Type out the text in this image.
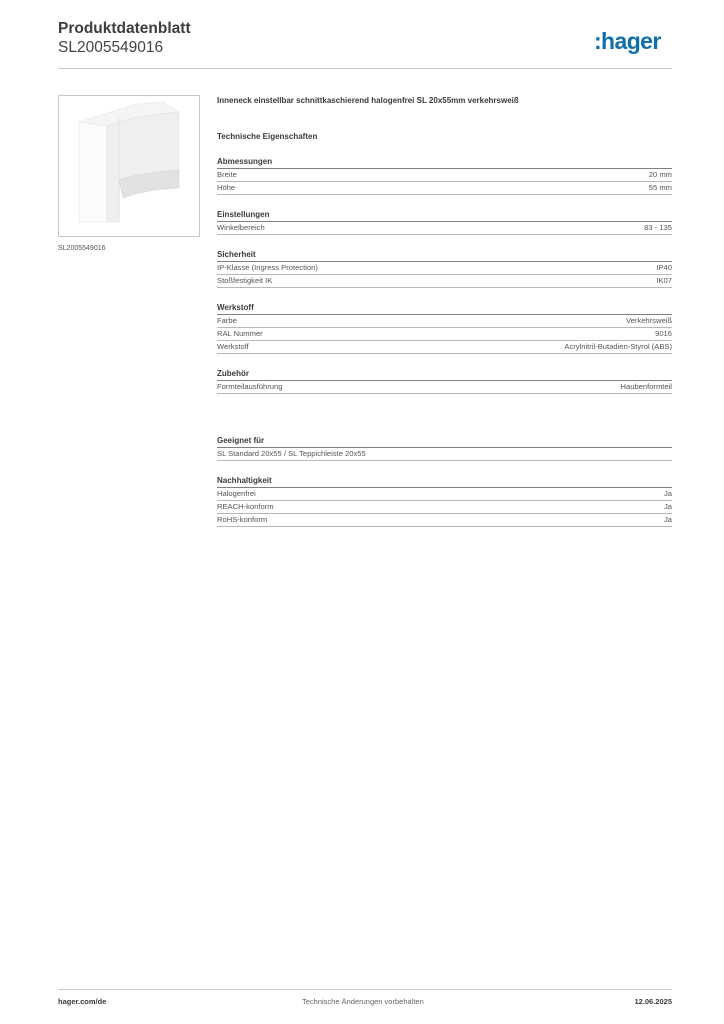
Produktdatenblatt
SL2005549016	:hager
SL2005549016
Inneneck einstellbar schnittkaschierend halogenfrei SL 20x55mm verkehrsweiß
Technische Eigenschaften
Abmessungen
Breite	20 mm
Höhe	55 mm
Einstellungen
Winkelbereich	83 - 135
Sicherheit
IP-Klasse (Ingress Protection)	IP40
Stoßfestigkeit IK	IK07
Werkstoff
Farbe	Verkehrsweiß
RAL Nummer	9016
Werkstoff	Acrylnitril-Butadien-Styrol (ABS)
Zubehör
Formteilausführung	Haubenformteil
Geeignet für
SL Standard 20x55 / SL Teppichleiste 20x55
Nachhaltigkeit
Halogenfrei	Ja
REACH-konform	Ja
RoHS-konform	Ja
hager.com/de	Technische Änderungen vorbehalten	12.06.2025
